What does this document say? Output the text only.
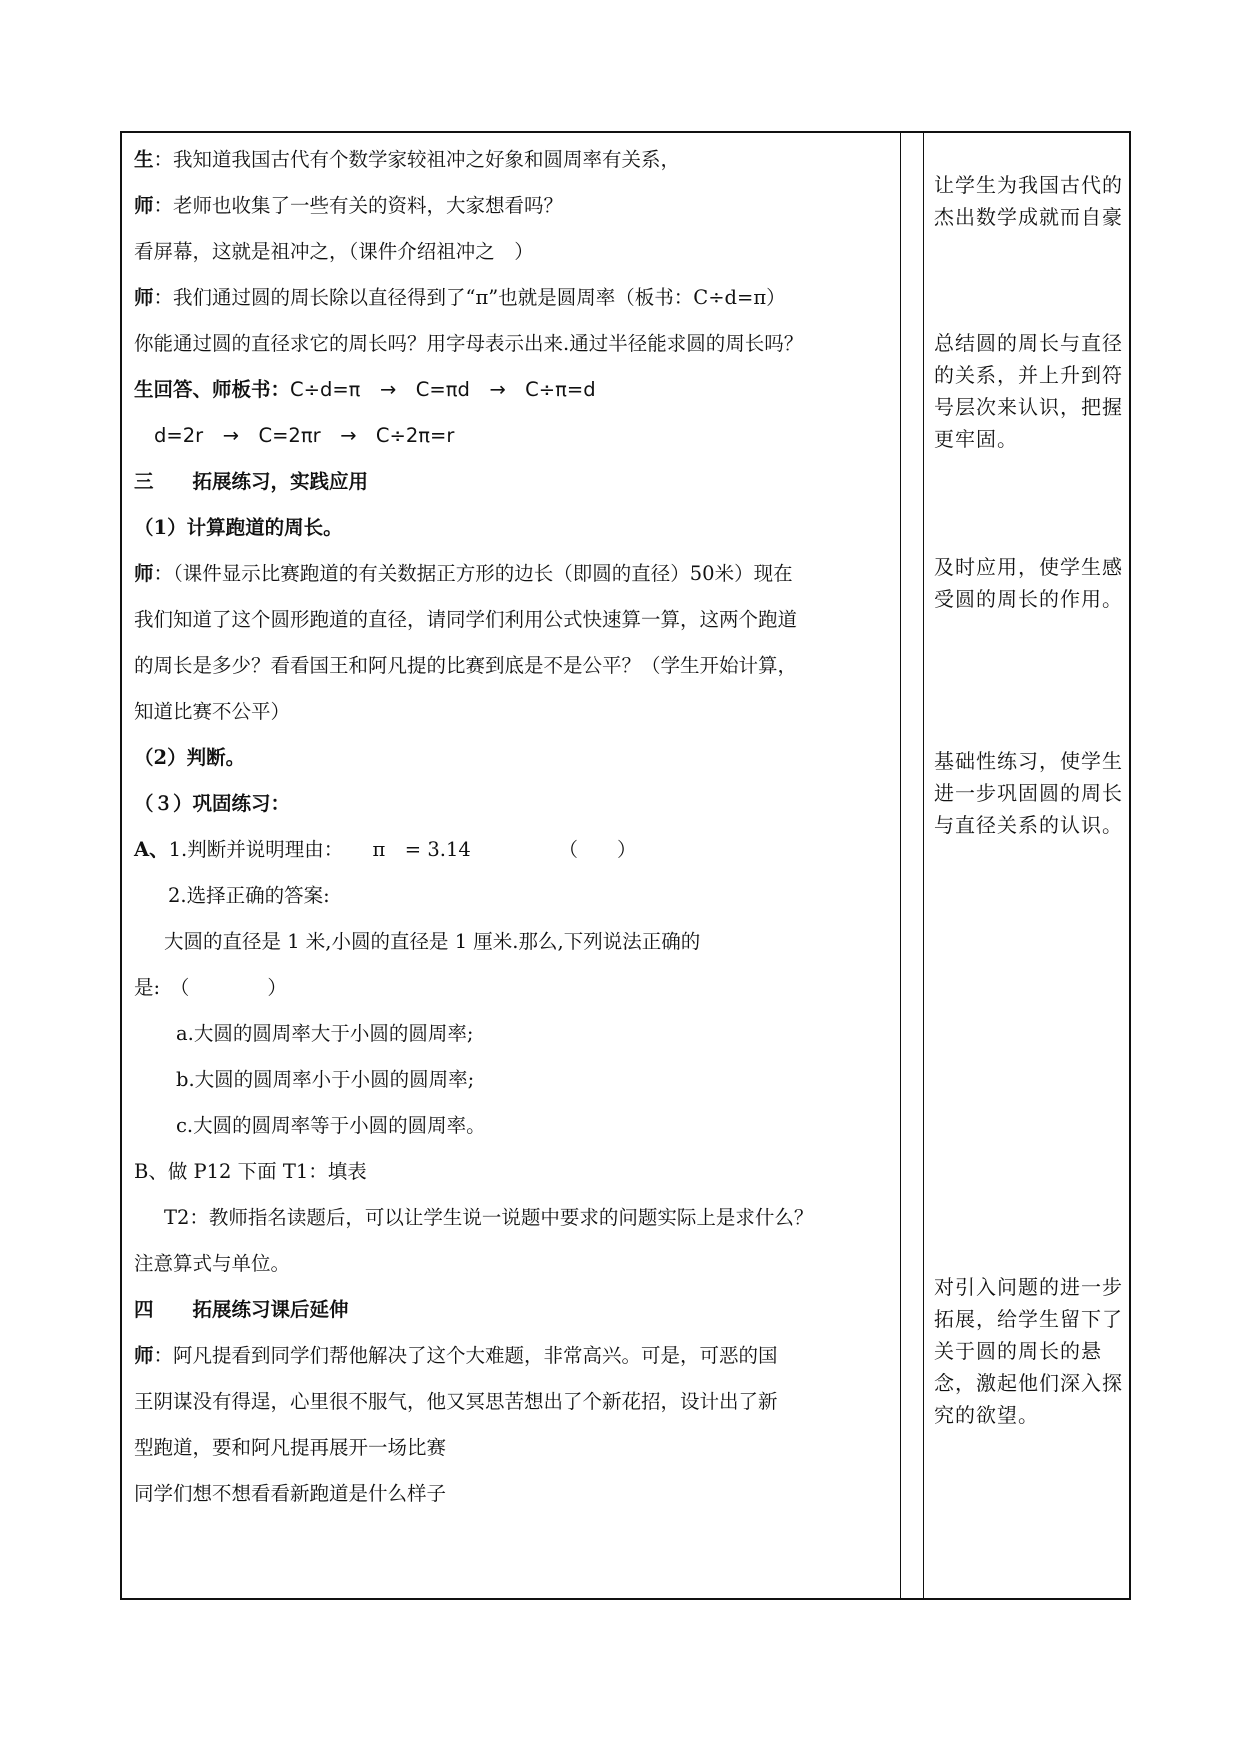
生：我知道我国古代有个数学家较祖冲之好象和圆周率有关系，
师：老师也收集了一些有关的资料，大家想看吗？
看屏幕，这就是祖冲之，（课件介绍祖冲之　）
师：我们通过圆的周长除以直径得到了“π”也就是圆周率（板书：C÷d=π）
你能通过圆的直径求它的周长吗？用字母表示出来.通过半径能求圆的周长吗？
生回答、师板书：C÷d=π　→　C=πd　→　C÷π=d
d=2r　→　C=2πr　→　C÷2π=r
三　　拓展练习，实践应用
（1）计算跑道的周长。
师：（课件显示比赛跑道的有关数据正方形的边长（即圆的直径）50米）现在
我们知道了这个圆形跑道的直径，请同学们利用公式快速算一算，这两个跑道
的周长是多少？看看国王和阿凡提的比赛到底是不是公平？（学生开始计算，
知道比赛不公平）
（2）判断。
（３）巩固练习：
A、1.判断并说明理由：　　π　= 3.14　　　　　（　　）
2.选择正确的答案:
大圆的直径是 1 米,小圆的直径是 1 厘米.那么,下列说法正确的
是:　（　　　　）
a.大圆的圆周率大于小圆的圆周率;
b.大圆的圆周率小于小圆的圆周率;
c.大圆的圆周率等于小圆的圆周率。
B、做 P12 下面 T1：填表
T2：教师指名读题后，可以让学生说一说题中要求的问题实际上是求什么？
注意算式与单位。
四　　拓展练习课后延伸
师：阿凡提看到同学们帮他解决了这个大难题，非常高兴。可是，可恶的国
王阴谋没有得逞，心里很不服气，他又冥思苦想出了个新花招，设计出了新
型跑道，要和阿凡提再展开一场比赛
同学们想不想看看新跑道是什么样子
让学生为我国古代的杰出数学成就而自豪
总结圆的周长与直径的关系，并上升到符号层次来认识，把握更牢固。
及时应用，使学生感受圆的周长的作用。
基础性练习，使学生进一步巩固圆的周长与直径关系的认识。
对引入问题的进一步拓展，给学生留下了关于圆的周长的悬念，激起他们深入探究的欲望。
